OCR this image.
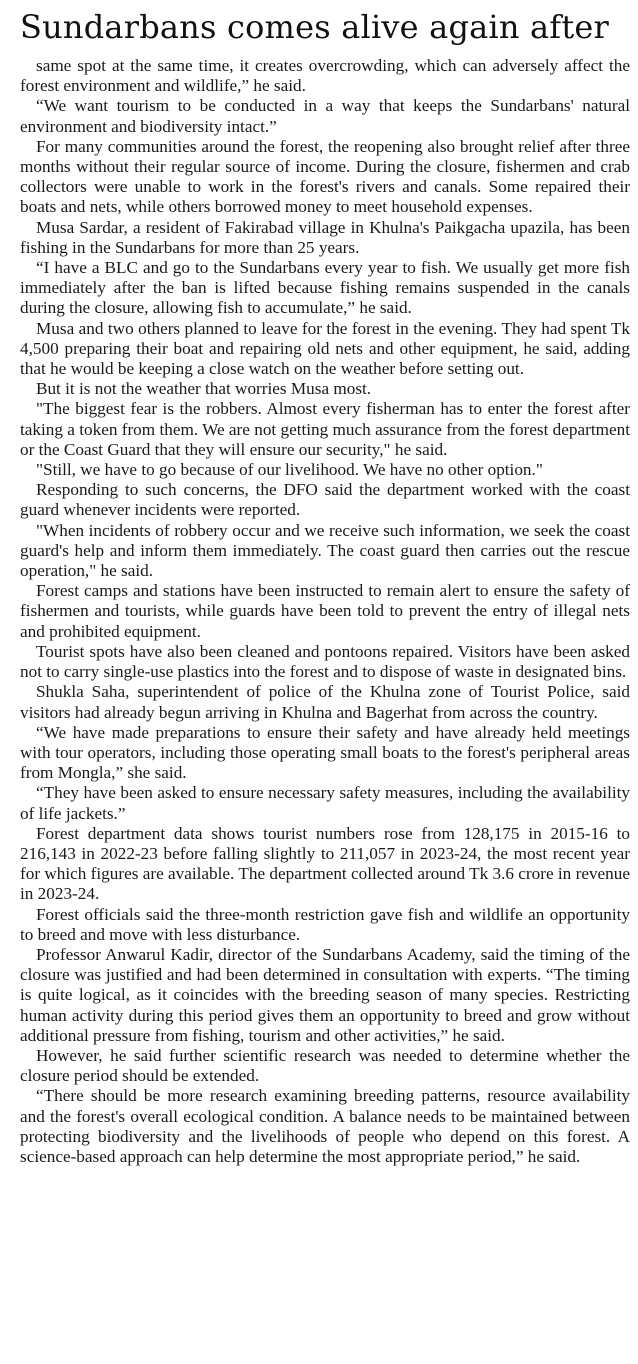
Sundarbans comes alive again after

same spot at the same time, it creates overcrowding, which can adversely affect the forest environment and wildlife,” he said.

“We want tourism to be conducted in a way that keeps the Sundarbans' natural environment and biodiversity intact.”

For many communities around the forest, the reopening also brought relief after three months without their regular source of income. During the closure, fishermen and crab collectors were unable to work in the forest's rivers and canals. Some repaired their boats and nets, while others borrowed money to meet household expenses.

Musa Sardar, a resident of Fakirabad village in Khulna's Paikgacha upazila, has been fishing in the Sundarbans for more than 25 years.

“I have a BLC and go to the Sundarbans every year to fish. We usually get more fish immediately after the ban is lifted because fishing remains suspended in the canals during the closure, allowing fish to accumulate,” he said.

Musa and two others planned to leave for the forest in the evening. They had spent Tk 4,500 preparing their boat and repairing old nets and other equipment, he said, adding that he would be keeping a close watch on the weather before setting out.

But it is not the weather that worries Musa most.

"The biggest fear is the robbers. Almost every fisherman has to enter the forest after taking a token from them. We are not getting much assurance from the forest department or the Coast Guard that they will ensure our security," he said.

"Still, we have to go because of our livelihood. We have no other option."

Responding to such concerns, the DFO said the department worked with the coast guard whenever incidents were reported.

"When incidents of robbery occur and we receive such information, we seek the coast guard's help and inform them immediately. The coast guard then carries out the rescue operation," he said.

Forest camps and stations have been instructed to remain alert to ensure the safety of fishermen and tourists, while guards have been told to prevent the entry of illegal nets and prohibited equipment.

Tourist spots have also been cleaned and pontoons repaired. Visitors have been asked not to carry single-use plastics into the forest and to dispose of waste in designated bins.

Shukla Saha, superintendent of police of the Khulna zone of Tourist Police, said visitors had already begun arriving in Khulna and Bagerhat from across the country.

“We have made preparations to ensure their safety and have already held meetings with tour operators, including those operating small boats to the forest's peripheral areas from Mongla,” she said.

“They have been asked to ensure necessary safety measures, including the availability of life jackets.”

Forest department data shows tourist numbers rose from 128,175 in 2015-16 to 216,143 in 2022-23 before falling slightly to 211,057 in 2023-24, the most recent year for which figures are available. The department collected around Tk 3.6 crore in revenue in 2023-24.

Forest officials said the three-month restriction gave fish and wildlife an opportunity to breed and move with less disturbance.

Professor Anwarul Kadir, director of the Sundarbans Academy, said the timing of the closure was justified and had been determined in consultation with experts. “The timing is quite logical, as it coincides with the breeding season of many species. Restricting human activity during this period gives them an opportunity to breed and grow without additional pressure from fishing, tourism and other activities,” he said.

However, he said further scientific research was needed to determine whether the closure period should be extended.

“There should be more research examining breeding patterns, resource availability and the forest's overall ecological condition. A balance needs to be maintained between protecting biodiversity and the livelihoods of people who depend on this forest. A science-based approach can help determine the most appropriate period,” he said.
